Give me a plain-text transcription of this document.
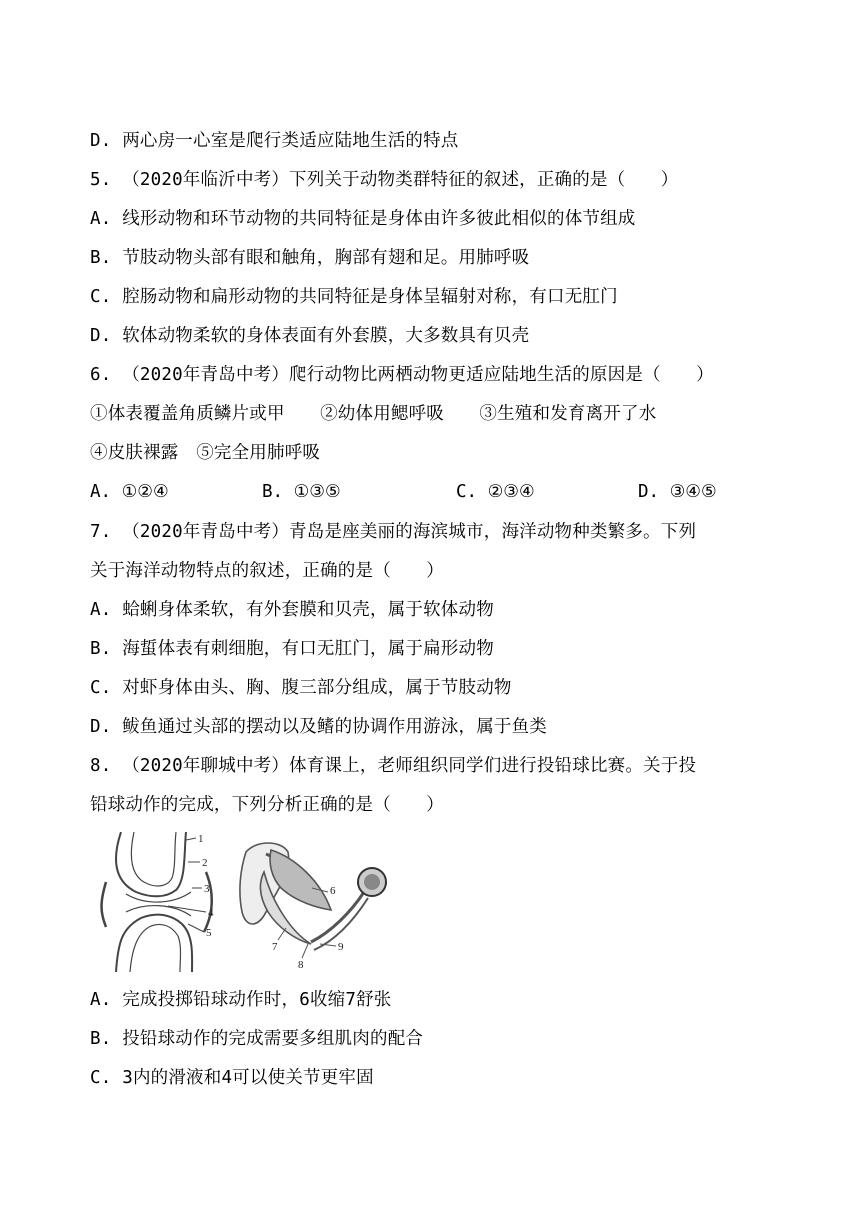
D. 两心房一心室是爬行类适应陆地生活的特点
5. （2020年临沂中考）下列关于动物类群特征的叙述，正确的是（　　）
A. 线形动物和环节动物的共同特征是身体由许多彼此相似的体节组成
B. 节肢动物头部有眼和触角，胸部有翅和足。用肺呼吸
C. 腔肠动物和扁形动物的共同特征是身体呈辐射对称，有口无肛门
D. 软体动物柔软的身体表面有外套膜，大多数具有贝壳
6. （2020年青岛中考）爬行动物比两栖动物更适应陆地生活的原因是（　　）
①体表覆盖角质鳞片或甲　　②幼体用鳃呼吸　　③生殖和发育离开了水
④皮肤裸露　⑤完全用肺呼吸
A. ①②④	B. ①③⑤	C. ②③④	D. ③④⑤
7. （2020年青岛中考）青岛是座美丽的海滨城市，海洋动物种类繁多。下列
关于海洋动物特点的叙述，正确的是（　　）
A. 蛤蜊身体柔软，有外套膜和贝壳，属于软体动物
B. 海蜇体表有刺细胞，有口无肛门，属于扁形动物
C. 对虾身体由头、胸、腹三部分组成，属于节肢动物
D. 鲅鱼通过头部的摆动以及鳍的协调作用游泳，属于鱼类
8. （2020年聊城中考）体育课上，老师组织同学们进行投铅球比赛。关于投
铅球动作的完成，下列分析正确的是（　　）
1
2
3
4
5
6
7
8
9
A. 完成投掷铅球动作时，6收缩7舒张
B. 投铅球动作的完成需要多组肌肉的配合
C. 3内的滑液和4可以使关节更牢固
